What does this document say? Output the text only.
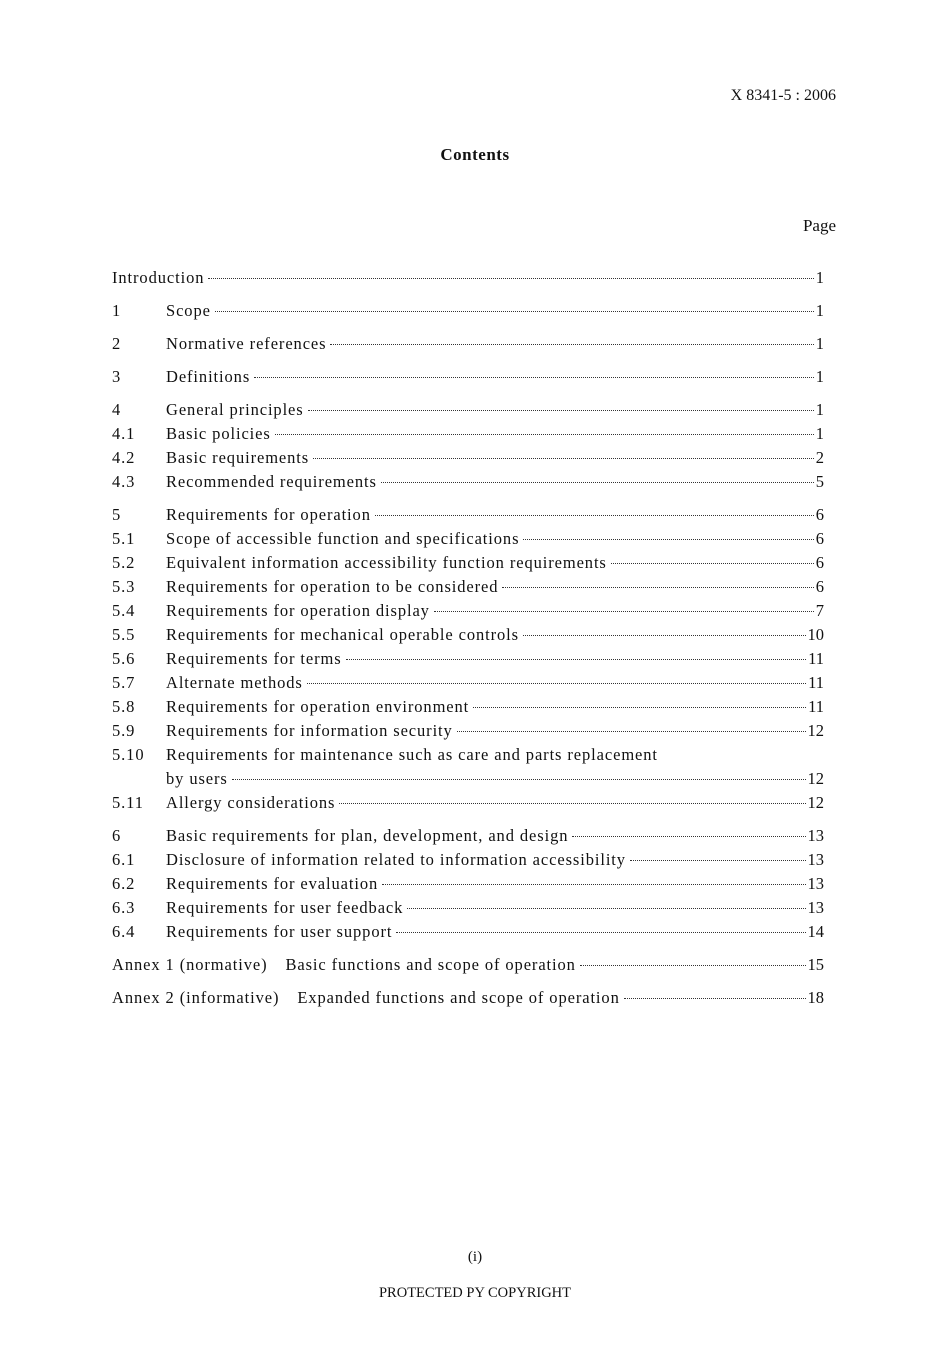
X 8341-5 : 2006
Contents
Page
Introduction	1
1	Scope	1
2	Normative references	1
3	Definitions	1
4	General principles	1
4.1	Basic policies	1
4.2	Basic requirements	2
4.3	Recommended requirements	5
5	Requirements for operation	6
5.1	Scope of accessible function and specifications	6
5.2	Equivalent information accessibility function requirements	6
5.3	Requirements for operation to be considered	6
5.4	Requirements for operation display	7
5.5	Requirements for mechanical operable controls	10
5.6	Requirements for terms	11
5.7	Alternate methods	11
5.8	Requirements for operation environment	11
5.9	Requirements for information security	12
5.10	Requirements for maintenance such as care and parts replacement
by users	12
5.11	Allergy considerations	12
6	Basic requirements for plan, development, and design	13
6.1	Disclosure of information related to information accessibility	13
6.2	Requirements for evaluation	13
6.3	Requirements for user feedback	13
6.4	Requirements for user support	14
Annex 1 (normative) Basic functions and scope of operation	15
Annex 2 (informative) Expanded functions and scope of operation	18
(i)
PROTECTED PY COPYRIGHT
